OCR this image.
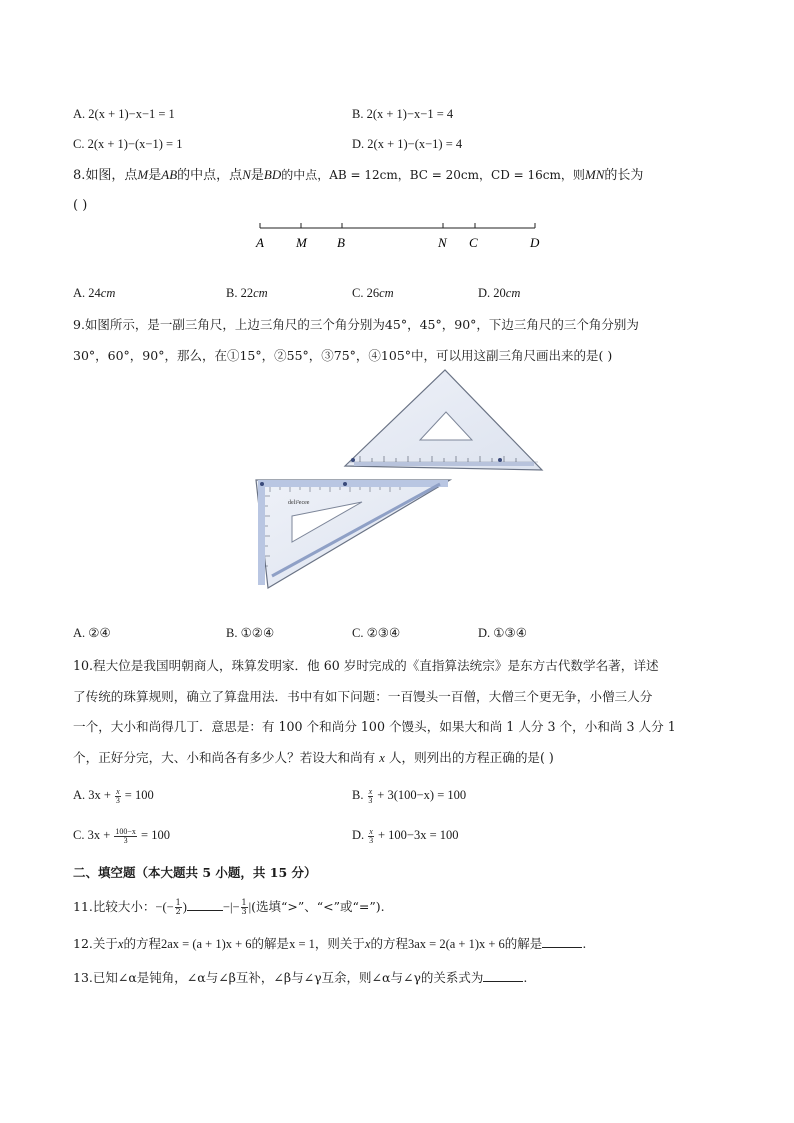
A. 2(x + 1)−x−1 = 1	B. 2(x + 1)−x−1 = 4
C. 2(x + 1)−(x−1) = 1	D. 2(x + 1)−(x−1) = 4
8.如图，点M是AB的中点，点N是BD的中点，AB = 12cm，BC = 20cm，CD = 16cm，则MN的长为
( )
A M B	N C	D
A. 24cm	B. 22cm	C. 26cm	D. 20cm
9.如图所示，是一副三角尺，上边三角尺的三个角分别为45°，45°，90°，下边三角尺的三个角分别为
30°，60°，90°，那么，在①15°，②55°，③75°，④105°中，可以用这副三角尺画出来的是( )
deli²ecee
A. ②④	B. ①②④	C. ②③④	D. ①③④
10.程大位是我国明朝商人，珠算发明家．他 60 岁时完成的《直指算法统宗》是东方古代数学名著，详述
了传统的珠算规则，确立了算盘用法．书中有如下问题：一百馒头一百僧，大僧三个更无争，小僧三人分
一个，大小和尚得几丁．意思是：有 100 个和尚分 100 个馒头，如果大和尚 1 人分 3 个，小和尚 3 人分 1
个，正好分完，大、小和尚各有多少人？若设大和尚有 x 人，则列出的方程正确的是( )
A. $3x + \frac{x}{3} = 100$	B. $\frac{x}{3} + 3(100-x) = 100$
C. $3x + \frac{100-x}{3} = 100$	D. $\frac{x}{3} + 100-3x = 100$
二、填空题（本大题共 5 小题，共 15 分）
11.比较大小：−(− $\frac{1}{2}$ )	−|− $\frac{1}{3}$ |(选填“>”、“<”或“=”).
12.关于x的方程2ax = (a + 1)x + 6的解是x = 1，则关于x的方程3ax = 2(a + 1)x + 6的解是	.
13.已知∠α是钝角，∠α与∠β互补，∠β与∠γ互余，则∠α与∠γ的关系式为	.
